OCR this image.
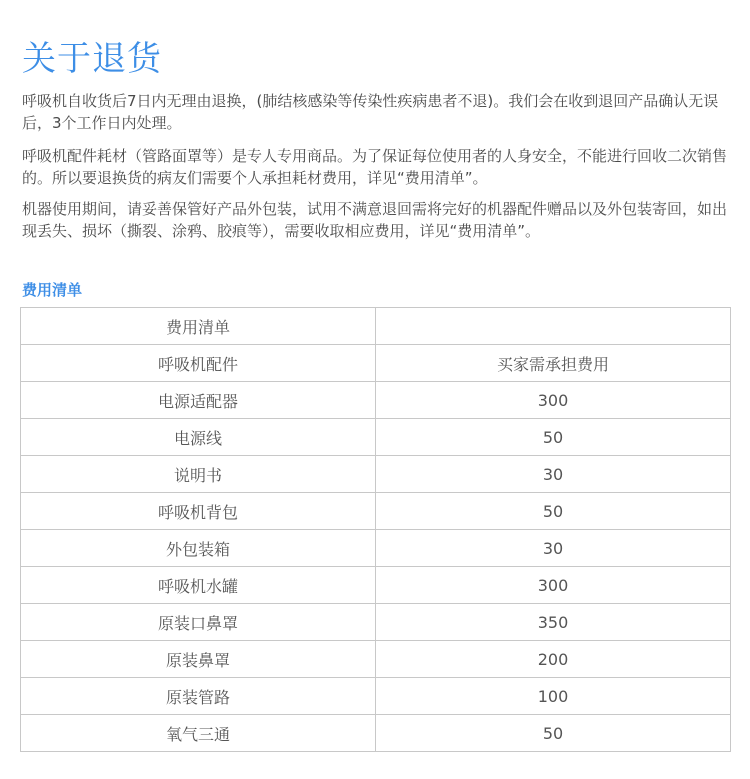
关于退货

呼吸机自收货后7日内无理由退换，(肺结核感染等传染性疾病患者不退)。我们会在收到退回产品确认无误后，3个工作日内处理。

呼吸机配件耗材（管路面罩等）是专人专用商品。为了保证每位使用者的人身安全，不能进行回收二次销售的。所以要退换货的病友们需要个人承担耗材费用，详见“费用清单”。

机器使用期间，请妥善保管好产品外包装，试用不满意退回需将完好的机器配件赠品以及外包装寄回，如出现丢失、损坏（撕裂、涂鸦、胶痕等），需要收取相应费用，详见“费用清单”。

费用清单
费用清单	
呼吸机配件	买家需承担费用
电源适配器	300
电源线	50
说明书	30
呼吸机背包	50
外包装箱	30
呼吸机水罐	300
原装口鼻罩	350
原装鼻罩	200
原装管路	100
氧气三通	50
